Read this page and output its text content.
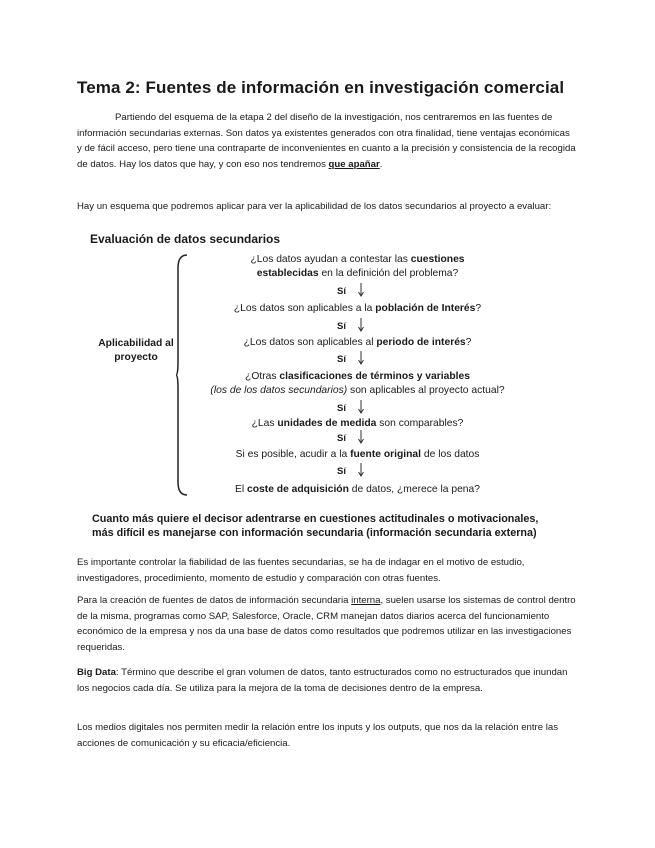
Tema 2: Fuentes de información en investigación comercial
Partiendo del esquema de la etapa 2 del diseño de la investigación, nos centraremos en las fuentes de información secundarias externas. Son datos ya existentes generados con otra finalidad, tiene ventajas económicas y de fácil acceso, pero tiene una contraparte de inconvenientes en cuanto a la precisión y consistencia de la recogida de datos. Hay los datos que hay, y con eso nos tendremos que apañar.
Hay un esquema que podremos aplicar para ver la aplicabilidad de los datos secundarios al proyecto a evaluar:
Evaluación de datos secundarios
Aplicabilidad al
proyecto
¿Los datos ayudan a contestar las cuestiones
establecidas en la definición del problema?
Sí
¿Los datos son aplicables a la población de Interés?
Sí
¿Los datos son aplicables al periodo de interés?
Sí
¿Otras clasificaciones de términos y variables
(los de los datos secundarios) son aplicables al proyecto actual?
Sí
¿Las unidades de medida son comparables?
Sí
Si es posible, acudir a la fuente original de los datos
Sí
El coste de adquisición de datos, ¿merece la pena?
Cuanto más quiere el decisor adentrarse en cuestiones actitudinales o motivacionales,
más difícil es manejarse con información secundaria (información secundaria externa)
Es importante controlar la fiabilidad de las fuentes secundarias, se ha de indagar en el motivo de estudio, investigadores, procedimiento, momento de estudio y comparación con otras fuentes.
Para la creación de fuentes de datos de información secundaria interna, suelen usarse los sistemas de control dentro de la misma, programas como SAP, Salesforce, Oracle, CRM manejan datos diarios acerca del funcionamiento económico de la empresa y nos da una base de datos como resultados que podremos utilizar en las investigaciones requeridas.
Big Data: Término que describe el gran volumen de datos, tanto estructurados como no estructurados que inundan los negocios cada día. Se utiliza para la mejora de la toma de decisiones dentro de la empresa.
Los medios digitales nos permiten medir la relación entre los inputs y los outputs, que nos da la relación entre las acciones de comunicación y su eficacia/eficiencia.
